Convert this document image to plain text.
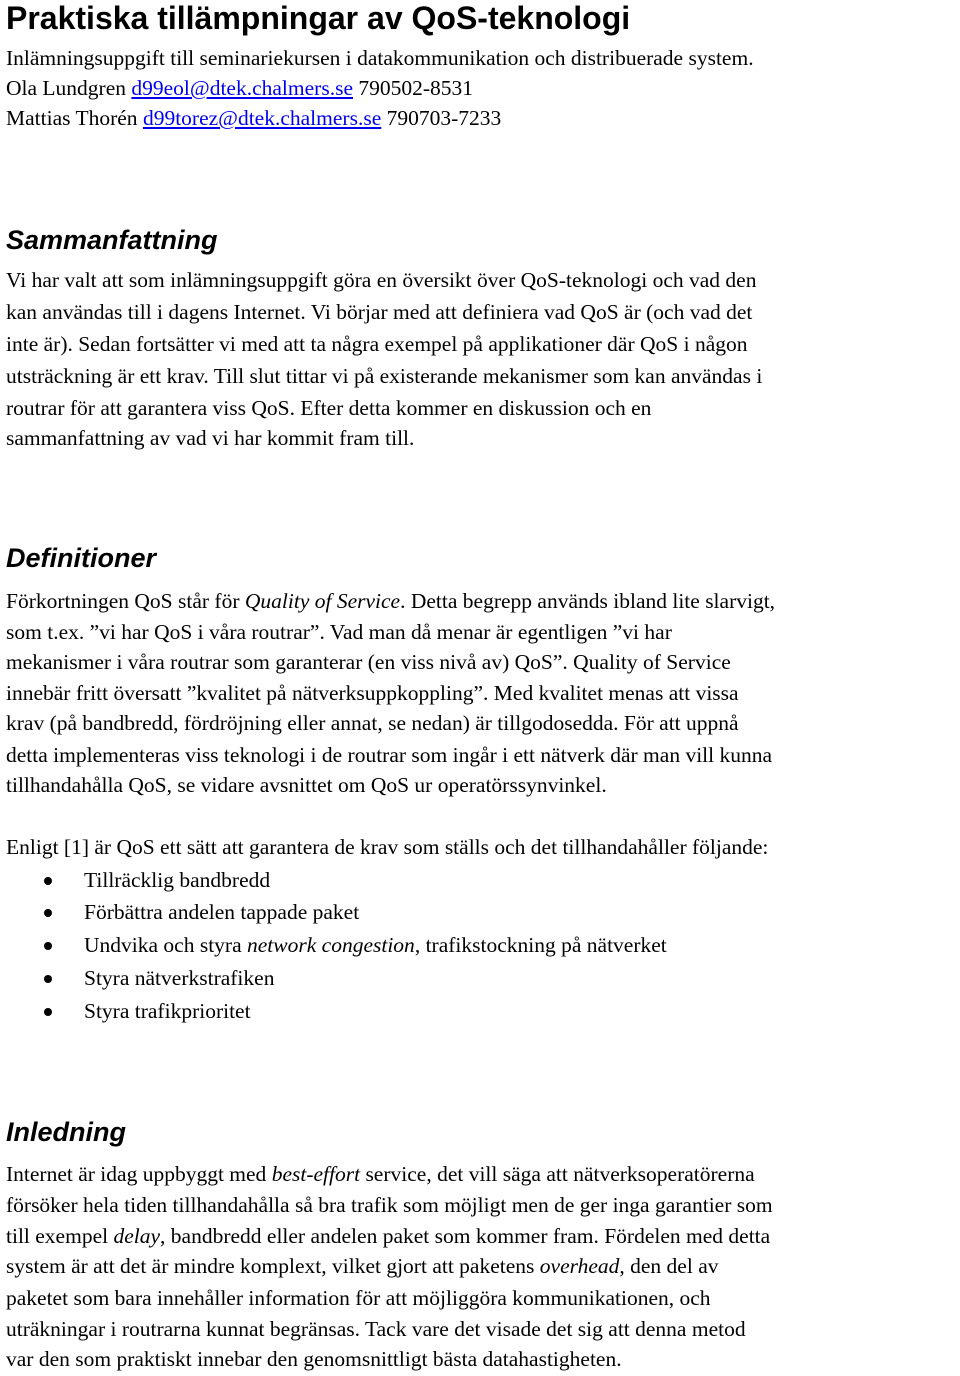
Praktiska tillämpningar av QoS-teknologi

Inlämningsuppgift till seminariekursen i datakommunikation och distribuerade system.

Ola Lundgren d99eol@dtek.chalmers.se 790502-8531

Mattias Thorén d99torez@dtek.chalmers.se 790703-7233

Sammanfattning

Vi har valt att som inlämningsuppgift göra en översikt över QoS-teknologi och vad den

kan användas till i dagens Internet. Vi börjar med att definiera vad QoS är (och vad det

inte är). Sedan fortsätter vi med att ta några exempel på applikationer där QoS i någon

utsträckning är ett krav. Till slut tittar vi på existerande mekanismer som kan användas i

routrar för att garantera viss QoS. Efter detta kommer en diskussion och en

sammanfattning av vad vi har kommit fram till.

Definitioner

Förkortningen QoS står för Quality of Service. Detta begrepp används ibland lite slarvigt,

som t.ex. ”vi har QoS i våra routrar”. Vad man då menar är egentligen ”vi har

mekanismer i våra routrar som garanterar (en viss nivå av) QoS”. Quality of Service

innebär fritt översatt ”kvalitet på nätverksuppkoppling”. Med kvalitet menas att vissa

krav (på bandbredd, fördröjning eller annat, se nedan) är tillgodosedda. För att uppnå

detta implementeras viss teknologi i de routrar som ingår i ett nätverk där man vill kunna

tillhandahålla QoS, se vidare avsnittet om QoS ur operatörssynvinkel.

Enligt [1] är QoS ett sätt att garantera de krav som ställs och det tillhandahåller följande:

Tillräcklig bandbredd

Förbättra andelen tappade paket

Undvika och styra network congestion, trafikstockning på nätverket

Styra nätverkstrafiken

Styra trafikprioritet

Inledning

Internet är idag uppbyggt med best-effort service, det vill säga att nätverksoperatörerna

försöker hela tiden tillhandahålla så bra trafik som möjligt men de ger inga garantier som

till exempel delay, bandbredd eller andelen paket som kommer fram. Fördelen med detta

system är att det är mindre komplext, vilket gjort att paketens overhead, den del av

paketet som bara innehåller information för att möjliggöra kommunikationen, och

uträkningar i routrarna kunnat begränsas. Tack vare det visade det sig att denna metod

var den som praktiskt innebar den genomsnittligt bästa datahastigheten.
